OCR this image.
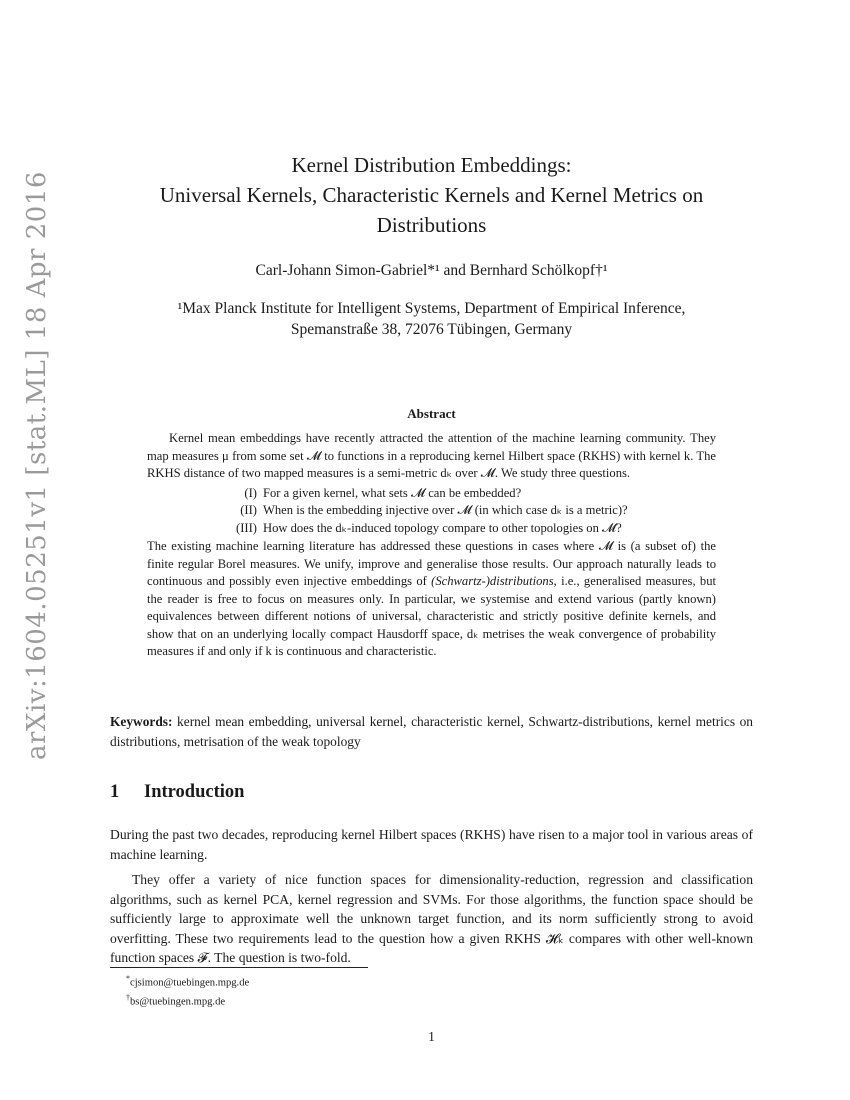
arXiv:1604.05251v1 [stat.ML] 18 Apr 2016
Kernel Distribution Embeddings:
Universal Kernels, Characteristic Kernels and Kernel Metrics on
Distributions
Carl-Johann Simon-Gabriel*¹ and Bernhard Schölkopf†¹
¹Max Planck Institute for Intelligent Systems, Department of Empirical Inference,
Spemanstraße 38, 72076 Tübingen, Germany
Abstract

Kernel mean embeddings have recently attracted the attention of the machine learning community. They map measures μ from some set 𝓜 to functions in a reproducing kernel Hilbert space (RKHS) with kernel k. The RKHS distance of two mapped measures is a semi-metric dₖ over 𝓜. We study three questions.

(I) For a given kernel, what sets 𝓜 can be embedded?
(II) When is the embedding injective over 𝓜 (in which case dₖ is a metric)?
(III) How does the dₖ-induced topology compare to other topologies on 𝓜?

The existing machine learning literature has addressed these questions in cases where 𝓜 is (a subset of) the finite regular Borel measures. We unify, improve and generalise those results. Our approach naturally leads to continuous and possibly even injective embeddings of (Schwartz-)distributions, i.e., generalised measures, but the reader is free to focus on measures only. In particular, we systemise and extend various (partly known) equivalences between different notions of universal, characteristic and strictly positive definite kernels, and show that on an underlying locally compact Hausdorff space, dₖ metrises the weak convergence of probability measures if and only if k is continuous and characteristic.

Keywords: kernel mean embedding, universal kernel, characteristic kernel, Schwartz-distributions, kernel metrics on distributions, metrisation of the weak topology
1 Introduction

During the past two decades, reproducing kernel Hilbert spaces (RKHS) have risen to a major tool in various areas of machine learning.

They offer a variety of nice function spaces for dimensionality-reduction, regression and classification algorithms, such as kernel PCA, kernel regression and SVMs. For those algorithms, the function space should be sufficiently large to approximate well the unknown target function, and its norm sufficiently strong to avoid overfitting. These two requirements lead to the question how a given RKHS 𝓗ₖ compares with other well-known function spaces 𝓕. The question is two-fold.

*cjsimon@tuebingen.mpg.de
†bs@tuebingen.mpg.de
1
